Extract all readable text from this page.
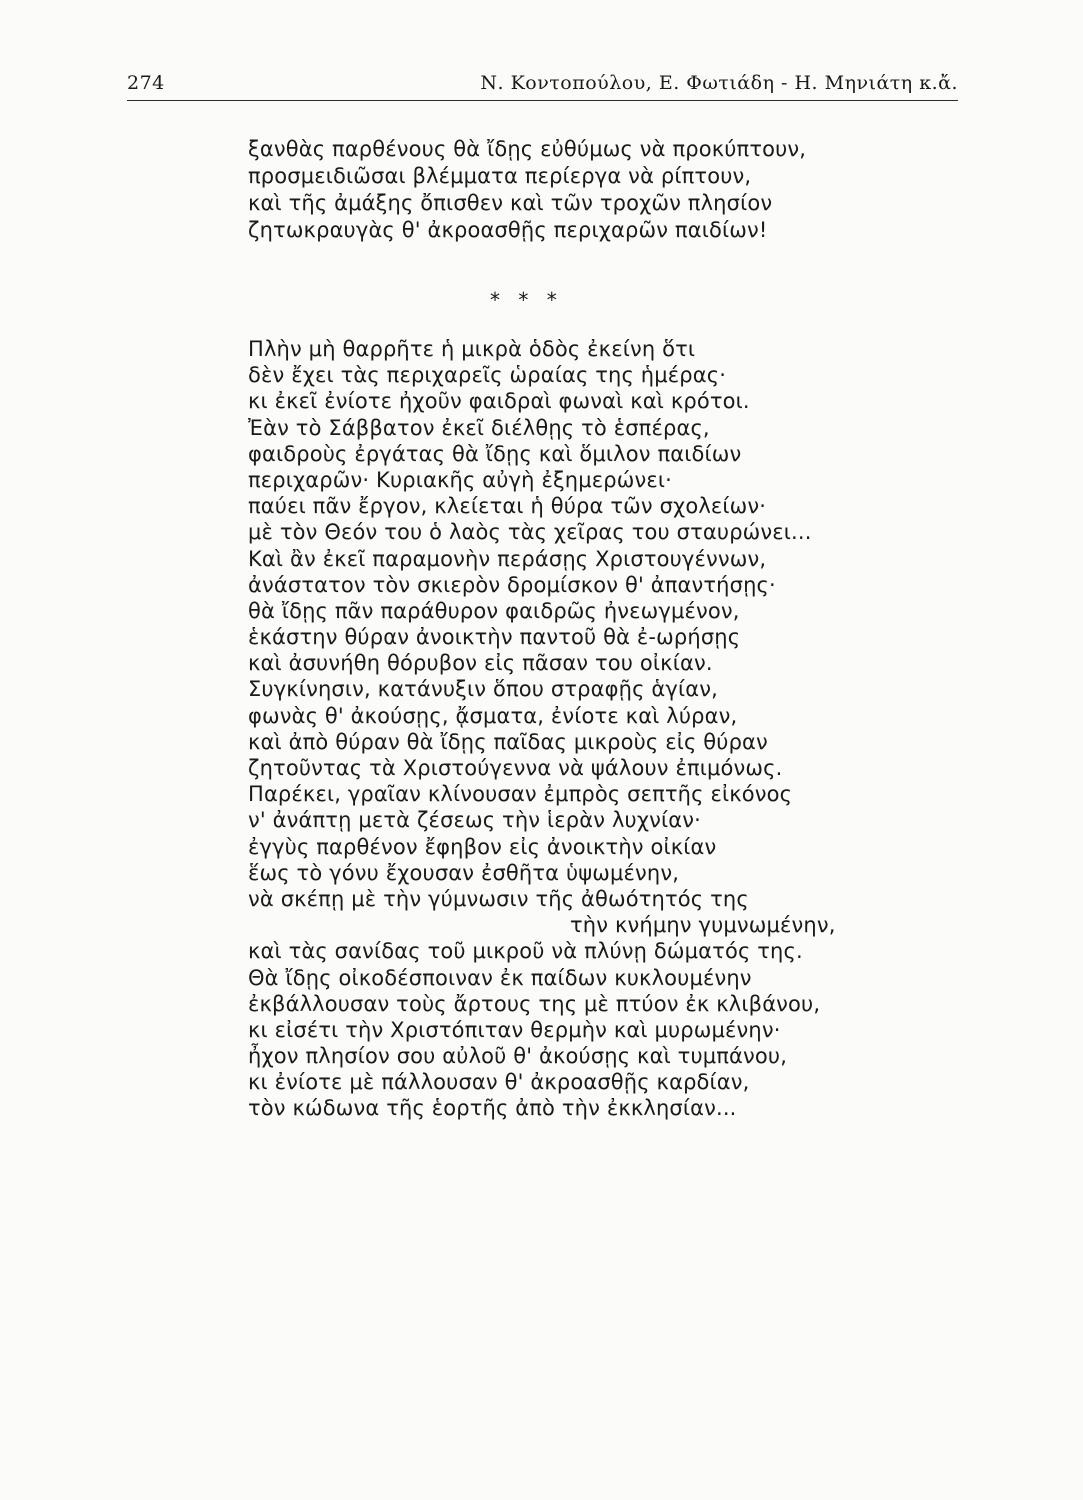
274	Ν. Κοντοπούλου, Ε. Φωτιάδη - Η. Μηνιάτη κ.ἄ.
ξανθὰς παρθένους θὰ ἴδῃς εὐθύμως νὰ προκύπτουν,
προσμειδιῶσαι βλέμματα περίεργα νὰ ρίπτουν,
καὶ τῆς ἀμάξης ὄπισθεν καὶ τῶν τροχῶν πλησίον
ζητωκραυγὰς θ' ἀκροασθῇς περιχαρῶν παιδίων!
* * *
Πλὴν μὴ θαρρῆτε ἡ μικρὰ ὁδὸς ἐκείνη ὅτι
δὲν ἔχει τὰς περιχαρεῖς ὡραίας της ἡμέρας·
κι ἐκεῖ ἐνίοτε ἠχοῦν φαιδραὶ φωναὶ καὶ κρότοι.
Ἐὰν τὸ Σάββατον ἐκεῖ διέλθῃς τὸ ἑσπέρας,
φαιδροὺς ἐργάτας θὰ ἴδῃς καὶ ὅμιλον παιδίων
περιχαρῶν· Κυριακῆς αὐγὴ ἐξημερώνει·
παύει πᾶν ἔργον, κλείεται ἡ θύρα τῶν σχολείων·
μὲ τὸν Θεόν του ὁ λαὸς τὰς χεῖρας του σταυρώνει...
Καὶ ἂν ἐκεῖ παραμονὴν περάσῃς Χριστουγέννων,
ἀνάστατον τὸν σκιερὸν δρομίσκον θ' ἀπαντήσῃς·
θὰ ἴδῃς πᾶν παράθυρον φαιδρῶς ἠνεωγμένον,
ἑκάστην θύραν ἀνοικτὴν παντοῦ θὰ ἐ-ωρήσῃς
καὶ ἀσυνήθη θόρυβον εἰς πᾶσαν του οἰκίαν.
Συγκίνησιν, κατάνυξιν ὅπου στραφῇς ἁγίαν,
φωνὰς θ' ἀκούσῃς, ᾄσματα, ἐνίοτε καὶ λύραν,
καὶ ἀπὸ θύραν θὰ ἴδῃς παῖδας μικροὺς εἰς θύραν
ζητοῦντας τὰ Χριστούγεννα νὰ ψάλουν ἐπιμόνως.
Παρέκει, γραῖαν κλίνουσαν ἐμπρὸς σεπτῆς εἰκόνος
ν' ἀνάπτῃ μετὰ ζέσεως τὴν ἱερὰν λυχνίαν·
ἐγγὺς παρθένον ἔφηβον εἰς ἀνοικτὴν οἰκίαν
ἕως τὸ γόνυ ἔχουσαν ἐσθῆτα ὑψωμένην,
νὰ σκέπῃ μὲ τὴν γύμνωσιν τῆς ἀθωότητός της
τὴν κνήμην γυμνωμένην,
καὶ τὰς σανίδας τοῦ μικροῦ νὰ πλύνῃ δώματός της.
Θὰ ἴδῃς οἰκοδέσποιναν ἐκ παίδων κυκλουμένην
ἐκβάλλουσαν τοὺς ἄρτους της μὲ πτύον ἐκ κλιβάνου,
κι εἰσέτι τὴν Χριστόπιταν θερμὴν καὶ μυρωμένην·
ἦχον πλησίον σου αὐλοῦ θ' ἀκούσῃς καὶ τυμπάνου,
κι ἐνίοτε μὲ πάλλουσαν θ' ἀκροασθῇς καρδίαν,
τὸν κώδωνα τῆς ἑορτῆς ἀπὸ τὴν ἐκκλησίαν...
